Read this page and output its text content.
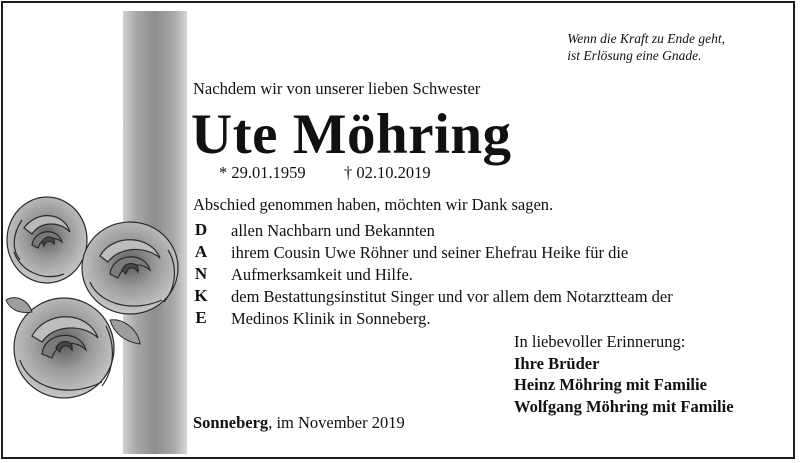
Wenn die Kraft zu Ende geht,
ist Erlösung eine Gnade.
Nachdem wir von unserer lieben Schwester
Ute Möhring
* 29.01.1959 † 02.10.2019
Abschied genommen haben, möchten wir Dank sagen.
D
A
N
K
E
allen Nachbarn und Bekannten
ihrem Cousin Uwe Röhner und seiner Ehefrau Heike für die
Aufmerksamkeit und Hilfe.
dem Bestattungsinstitut Singer und vor allem dem Notarztteam der
Medinos Klinik in Sonneberg.
In liebevoller Erinnerung:
Ihre Brüder
Heinz Möhring mit Familie
Wolfgang Möhring mit Familie
Sonneberg, im November 2019
